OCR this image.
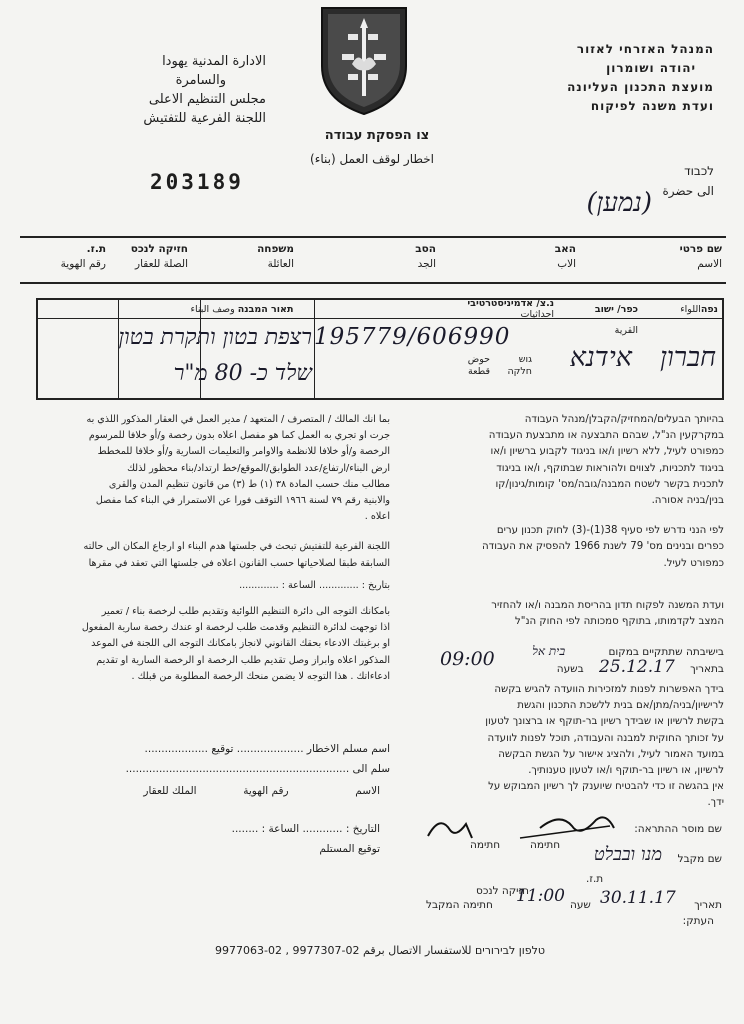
המנהל האזרחי לאזור
יהודה ושומרון
מועצת התכנון העליונה
ועדת משנה לפיקוח
الادارة المدنية يهودا
والسامرة
مجلس التنظيم الاعلى
اللجنة الفرعية للتفتيش
צו הפסקת עבודה
اخطار لوقف العمل (بناء)
203189	לכבוד
الى حضرة
(נמען)
שם פרטי
الاسم
האב
الاب
הסב
الجد
משפחה
العائلة
חזיקה לנכס
الصلة للعقار
ת.ז.
رقم الهوية
נפהاللواء
כפר/ ישוב
القرية
נ.צ/ אדמיניסטרטיבי
احداثيات
תאור המבנה وصف البناء
חברון
אידנא
195779/606990
גוש
חלקה
حوض
قطعة
רצפת בטון ותקרת בטון
שלד כ- 80 מ"ר
בהיותך הבעלים/המחזיק/הקבלן/מנהל העבודה
במקרקעין הנ"ל, שבהם התבצעה או מתבצעת העבודה
כמפורט לעיל, ללא רשיון ו/או בניגוד לקבוע ברשיון ו/או
בניגוד לתכניות, לצווים ולהוראות שבתוקף, ו/או בניגוד
לתכנית בקשר לשטח המבנה/גובה/מס' קומות/גינון/קו
בנין/בניה אסורה.
לפי הנני נדרש לפי סעיף 38(1)-(3) לחוק תכנון ערים
כפרים ובנינים מס' 79 לשנת 1966 להפסיק את העבודה
כמפורט לעיל.
ועדת המשנה לפקוח תדון בהריסת המבנה ו/או להחזיר
המצב לקדמותו, בתוקף סמכותה לפי החוק הנ"ל
בישיבתה שתתקיים במקום בית אל
בתאריך 25.12.17 בשעה
09:00
בידך האפשרות לפנות למזכירות הוועדה להגיש בקשה
לרישיון/בניה/מתן/אם בנית ללשכת התכנון והגשת
בקשת לרשיון או שבידך רשיון בר-תוקף או ברצונך לטעון
על זכותך החוקית למבנה והעבודה, תוכל לפנות לוועדה
במועד האמור לעיל, ולהציג אישור על הגשת הבקשה
לרשיון, או רשיון בר-תוקף ו/או לטעון טענותיך.
אין בהגשה זו כדי להבטיח שיוענק לך רשיון המבוקש על
ידך.
שם מוסר ההתראה:
חתימה
חתימה
שם מקבל
מנו ובבלט
ת.ז.
חזיקה לנכס
תאריך
30.11.17
שעה
11:00
חתימה המקבל
העתק:
بما انك المالك / المتصرف / المتعهد / مدير العمل في العقار المذكور اللذي به
جرت او تجري به العمل كما هو مفصل اعلاه بدون رخصة و/أو خلافا للمرسوم
الرخصة و/أو خلافا للانظمة والاوامر والتعليمات السارية و/أو خلافا للمخطط
ارض البناء/ارتفاع/عدد الطوابق/الموقع/خط ارتداد/بناء محظور لذلك
مطالب منك حسب المادة ٣٨ (١) ط (٣) من قانون تنظيم المدن والقرى
والابنية رقم ٧٩ لسنة ١٩٦٦ التوقف فورا عن الاستمرار في البناء كما مفصل
اعلاه .
اللجنة الفرعية للتفتيش تبحث في جلستها هدم البناء او ارجاع المكان الى حالته
السابقة طبقا لصلاحياتها حسب القانون اعلاه في جلستها التي تعقد في مقرها
بتاريخ : ............. الساعة : .............
بامكانك التوجه الى دائرة التنظيم اللوائية وتقديم طلب لرخصة بناء / تعمير
اذا توجهت لدائرة التنظيم وقدمت طلب لرخصة او عندك رخصة سارية المفعول
او برغبتك الادعاء بحقك القانوني لانجاز بامكانك التوجه الى اللجنة في الموعد
المذكور اعلاه وابراز وصل تقديم طلب الرخصة او الرخصة السارية او تقديم
ادعاءاتك . هذا التوجه لا يضمن منحك الرخصة المطلوبة من قبلك .
اسم مسلم الاخطار .................... توقيع ...................
سلم الى ...................................................................
الاسم  رقم الهوية  الملك للعقار
التاريخ : ............ الساعة : ........
توقيع المستلم
טלפון לבירורים للاستفسار الاتصال برقم 02-9977307 , 02-9977063
